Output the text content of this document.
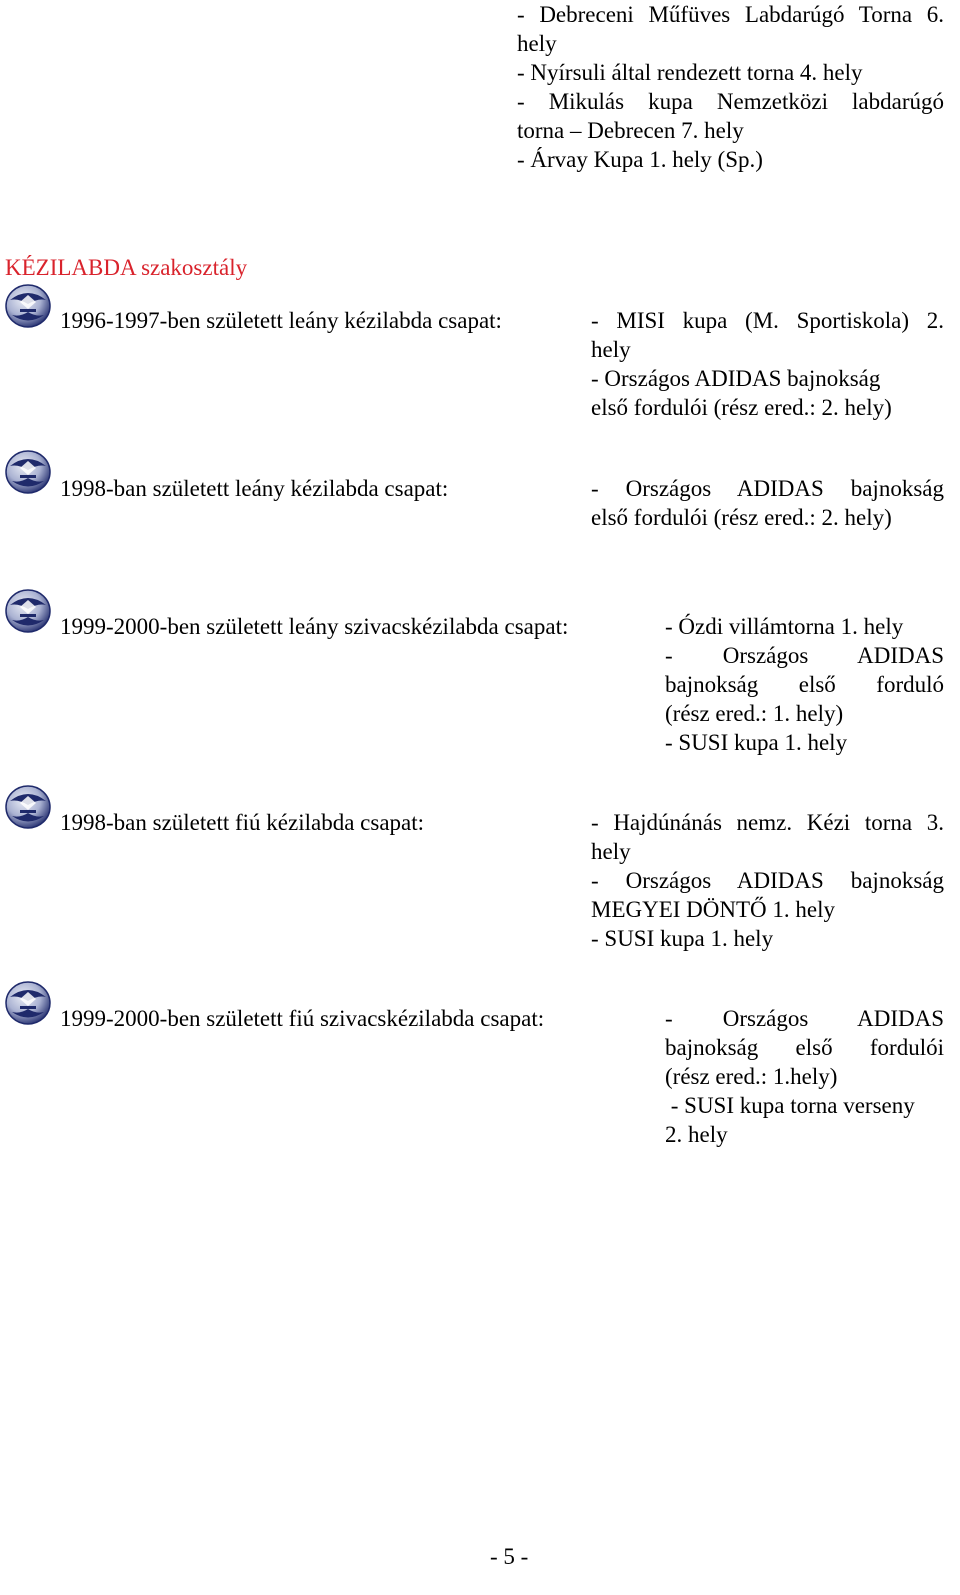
- Debreceni Műfüves Labdarúgó Torna 6.
hely
- Nyírsuli által rendezett torna 4. hely
- Mikulás kupa Nemzetközi labdarúgó
torna – Debrecen 7. hely
- Árvay Kupa 1. hely (Sp.)
KÉZILABDA szakosztály
1996-1997-ben született leány kézilabda csapat:	- MISI kupa (M. Sportiskola) 2.
hely
- Országos ADIDAS bajnokság
első fordulói (rész ered.: 2. hely)
1998-ban született leány kézilabda csapat:	- Országos ADIDAS bajnokság
első fordulói (rész ered.: 2. hely)
1999-2000-ben született leány szivacskézilabda csapat:	- Ózdi villámtorna 1. hely
- Országos ADIDAS
bajnokság első forduló
(rész ered.: 1. hely)
- SUSI kupa 1. hely
1998-ban született fiú kézilabda csapat:	- Hajdúnánás nemz. Kézi torna 3.
hely
- Országos ADIDAS bajnokság
MEGYEI DÖNTŐ 1. hely
- SUSI kupa 1. hely
1999-2000-ben született fiú szivacskézilabda csapat:	- Országos ADIDAS
bajnokság első fordulói
(rész ered.: 1.hely)
- SUSI kupa torna verseny
2. hely
- 5 -
